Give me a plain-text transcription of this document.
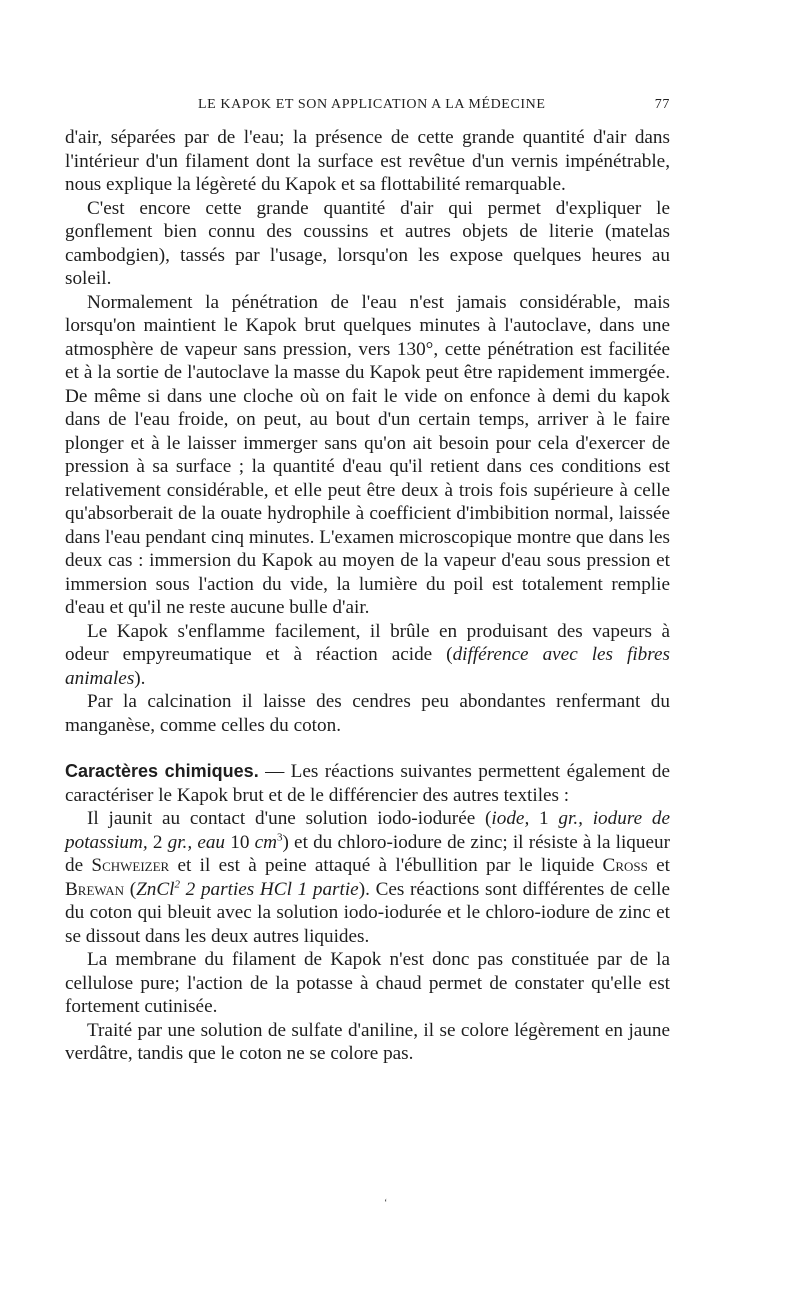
LE KAPOK ET SON APPLICATION A LA MÉDECINE	77

d'air, séparées par de l'eau; la présence de cette grande quantité d'air dans l'intérieur d'un filament dont la surface est revêtue d'un vernis impénétrable, nous explique la légèreté du Kapok et sa flottabilité remarquable.

C'est encore cette grande quantité d'air qui permet d'expliquer le gonflement bien connu des coussins et autres objets de literie (matelas cambodgien), tassés par l'usage, lorsqu'on les expose quelques heures au soleil.

Normalement la pénétration de l'eau n'est jamais considérable, mais lorsqu'on maintient le Kapok brut quelques minutes à l'autoclave, dans une atmosphère de vapeur sans pression, vers 130°, cette pénétration est facilitée et à la sortie de l'autoclave la masse du Kapok peut être rapidement immergée. De même si dans une cloche où on fait le vide on enfonce à demi du kapok dans de l'eau froide, on peut, au bout d'un certain temps, arriver à le faire plonger et à le laisser immerger sans qu'on ait besoin pour cela d'exercer de pression à sa surface ; la quantité d'eau qu'il retient dans ces conditions est relativement considérable, et elle peut être deux à trois fois supérieure à celle qu'absorberait de la ouate hydrophile à coefficient d'imbibition normal, laissée dans l'eau pendant cinq minutes. L'examen microscopique montre que dans les deux cas : immersion du Kapok au moyen de la vapeur d'eau sous pression et immersion sous l'action du vide, la lumière du poil est totalement remplie d'eau et qu'il ne reste aucune bulle d'air.

Le Kapok s'enflamme facilement, il brûle en produisant des vapeurs à odeur empyreumatique et à réaction acide (différence avec les fibres animales).

Par la calcination il laisse des cendres peu abondantes renfermant du manganèse, comme celles du coton.

Caractères chimiques. — Les réactions suivantes permettent également de caractériser le Kapok brut et de le différencier des autres textiles :

Il jaunit au contact d'une solution iodo-iodurée (iode, 1 gr., iodure de potassium, 2 gr., eau 10 $cm^3$) et du chloro-iodure de zinc; il résiste à la liqueur de Schweizer et il est à peine attaqué à l'ébullition par le liquide Cross et Brewan (ZnCl$^2$ 2 parties HCl 1 partie). Ces réactions sont différentes de celle du coton qui bleuit avec la solution iodo-iodurée et le chloro-iodure de zinc et se dissout dans les deux autres liquides.

La membrane du filament de Kapok n'est donc pas constituée par de la cellulose pure; l'action de la potasse à chaud permet de constater qu'elle est fortement cutinisée.

Traité par une solution de sulfate d'aniline, il se colore légèrement en jaune verdâtre, tandis que le coton ne se colore pas.

‘
